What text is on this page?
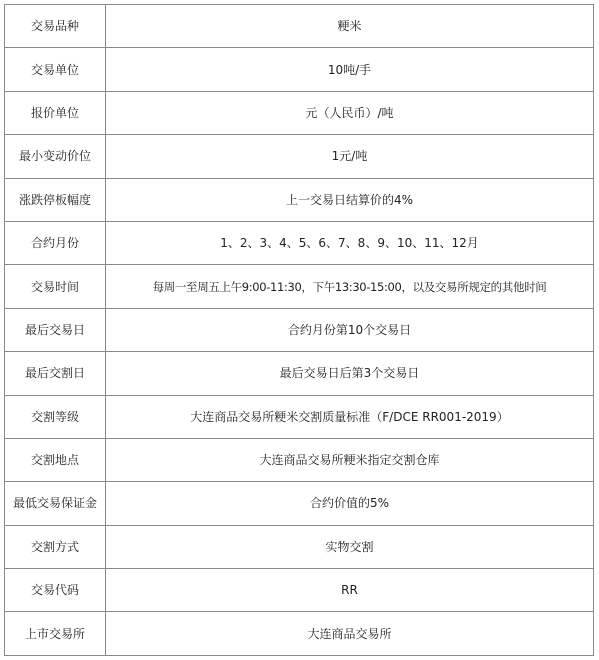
交易品种	粳米
交易单位	10吨/手
报价单位	元（人民币）/吨
最小变动价位	1元/吨
涨跌停板幅度	上一交易日结算价的4%
合约月份	1、2、3、4、5、6、7、8、9、10、11、12月
交易时间	每周一至周五上午9:00-11:30，下午13:30-15:00，以及交易所规定的其他时间
最后交易日	合约月份第10个交易日
最后交割日	最后交易日后第3个交易日
交割等级	大连商品交易所粳米交割质量标准（F/DCE RR001-2019）
交割地点	大连商品交易所粳米指定交割仓库
最低交易保证金	合约价值的5%
交割方式	实物交割
交易代码	RR
上市交易所	大连商品交易所
